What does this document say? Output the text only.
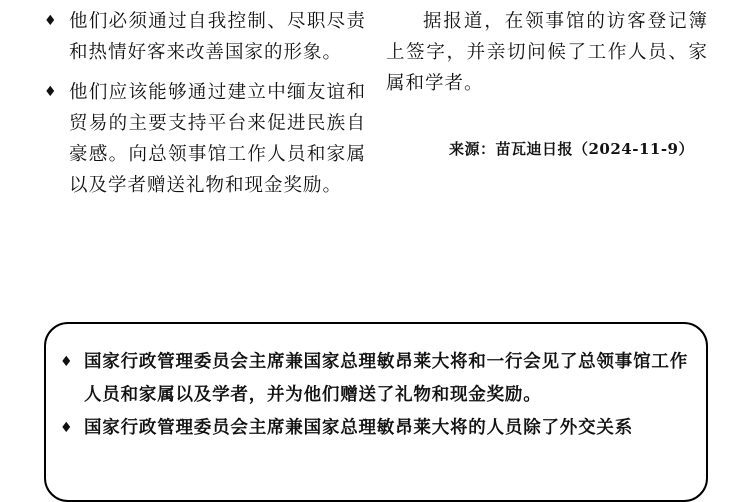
♦ 他们必须通过自我控制、尽职尽责和热情好客来改善国家的形象。
♦ 他们应该能够通过建立中缅友谊和贸易的主要支持平台来促进民族自豪感。向总领事馆工作人员和家属以及学者赠送礼物和现金奖励。

据报道，在领事馆的访客登记簿上签字，并亲切问候了工作人员、家属和学者。

来源：苗瓦迪日报（2024-11-9）
♦ 国家行政管理委员会主席兼国家总理敏昂莱大将和一行会见了总领事馆工作人员和家属以及学者，并为他们赠送了礼物和现金奖励。
♦ 国家行政管理委员会主席兼国家总理敏昂莱大将的人员除了外交关系
